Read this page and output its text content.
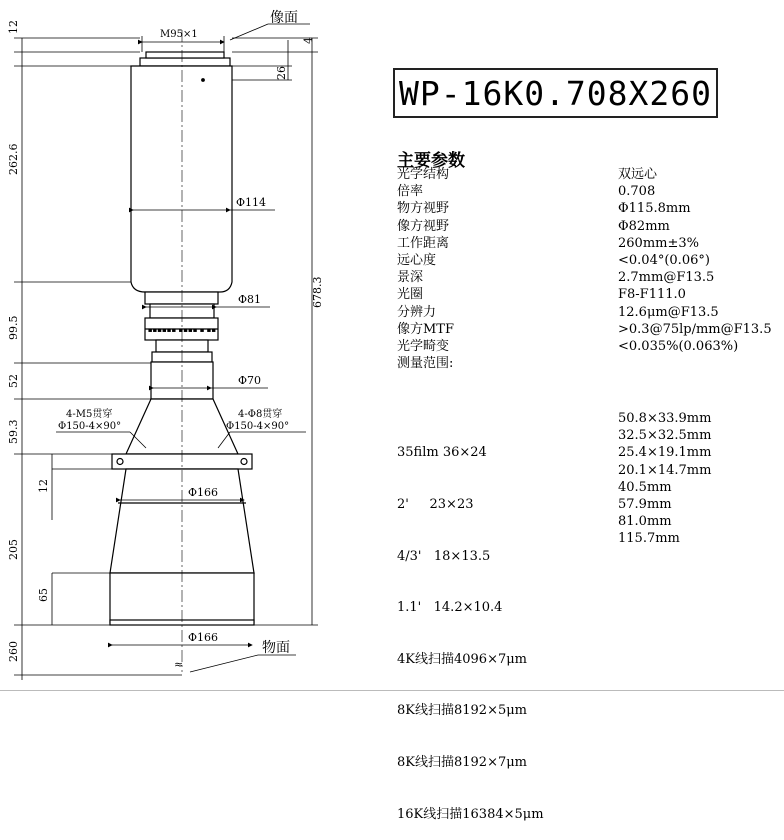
▪▪▪▪▪▪ ▪▪▪▪ ▪ ▪▪
12
262.6
99.5
52
59.3
12
205
65
260
4
26
678.3
M95×1
像面
Φ114
Φ81
Φ70
Φ166
Φ166
4-M5贯穿
Φ150-4×90°
4-Φ8贯穿
Φ150-4×90°
物面
≈
WP-16K0.708X260
主要参数
光学结构
倍率
物方视野
像方视野
工作距离
远心度
景深
光圈
分辨力
像方MTF
光学畸变
测量范围:
双远心
0.708
Φ115.8mm
Φ82mm
260mm±3%
<0.04°(0.06°)
2.7mm@F13.5
F8-F111.0
12.6μm@F13.5
>0.3@75lp/mm@F13.5
<0.035%(0.063%)

35film 36×24

2'     23×23

4/3'   18×13.5

1.1'   14.2×10.4

4K线扫描4096×7μm

8K线扫描8192×5μm

8K线扫描8192×7μm

16K线扫描16384×5μm

50.8×33.9mm
32.5×32.5mm
25.4×19.1mm
20.1×14.7mm
40.5mm
57.9mm
81.0mm
115.7mm
